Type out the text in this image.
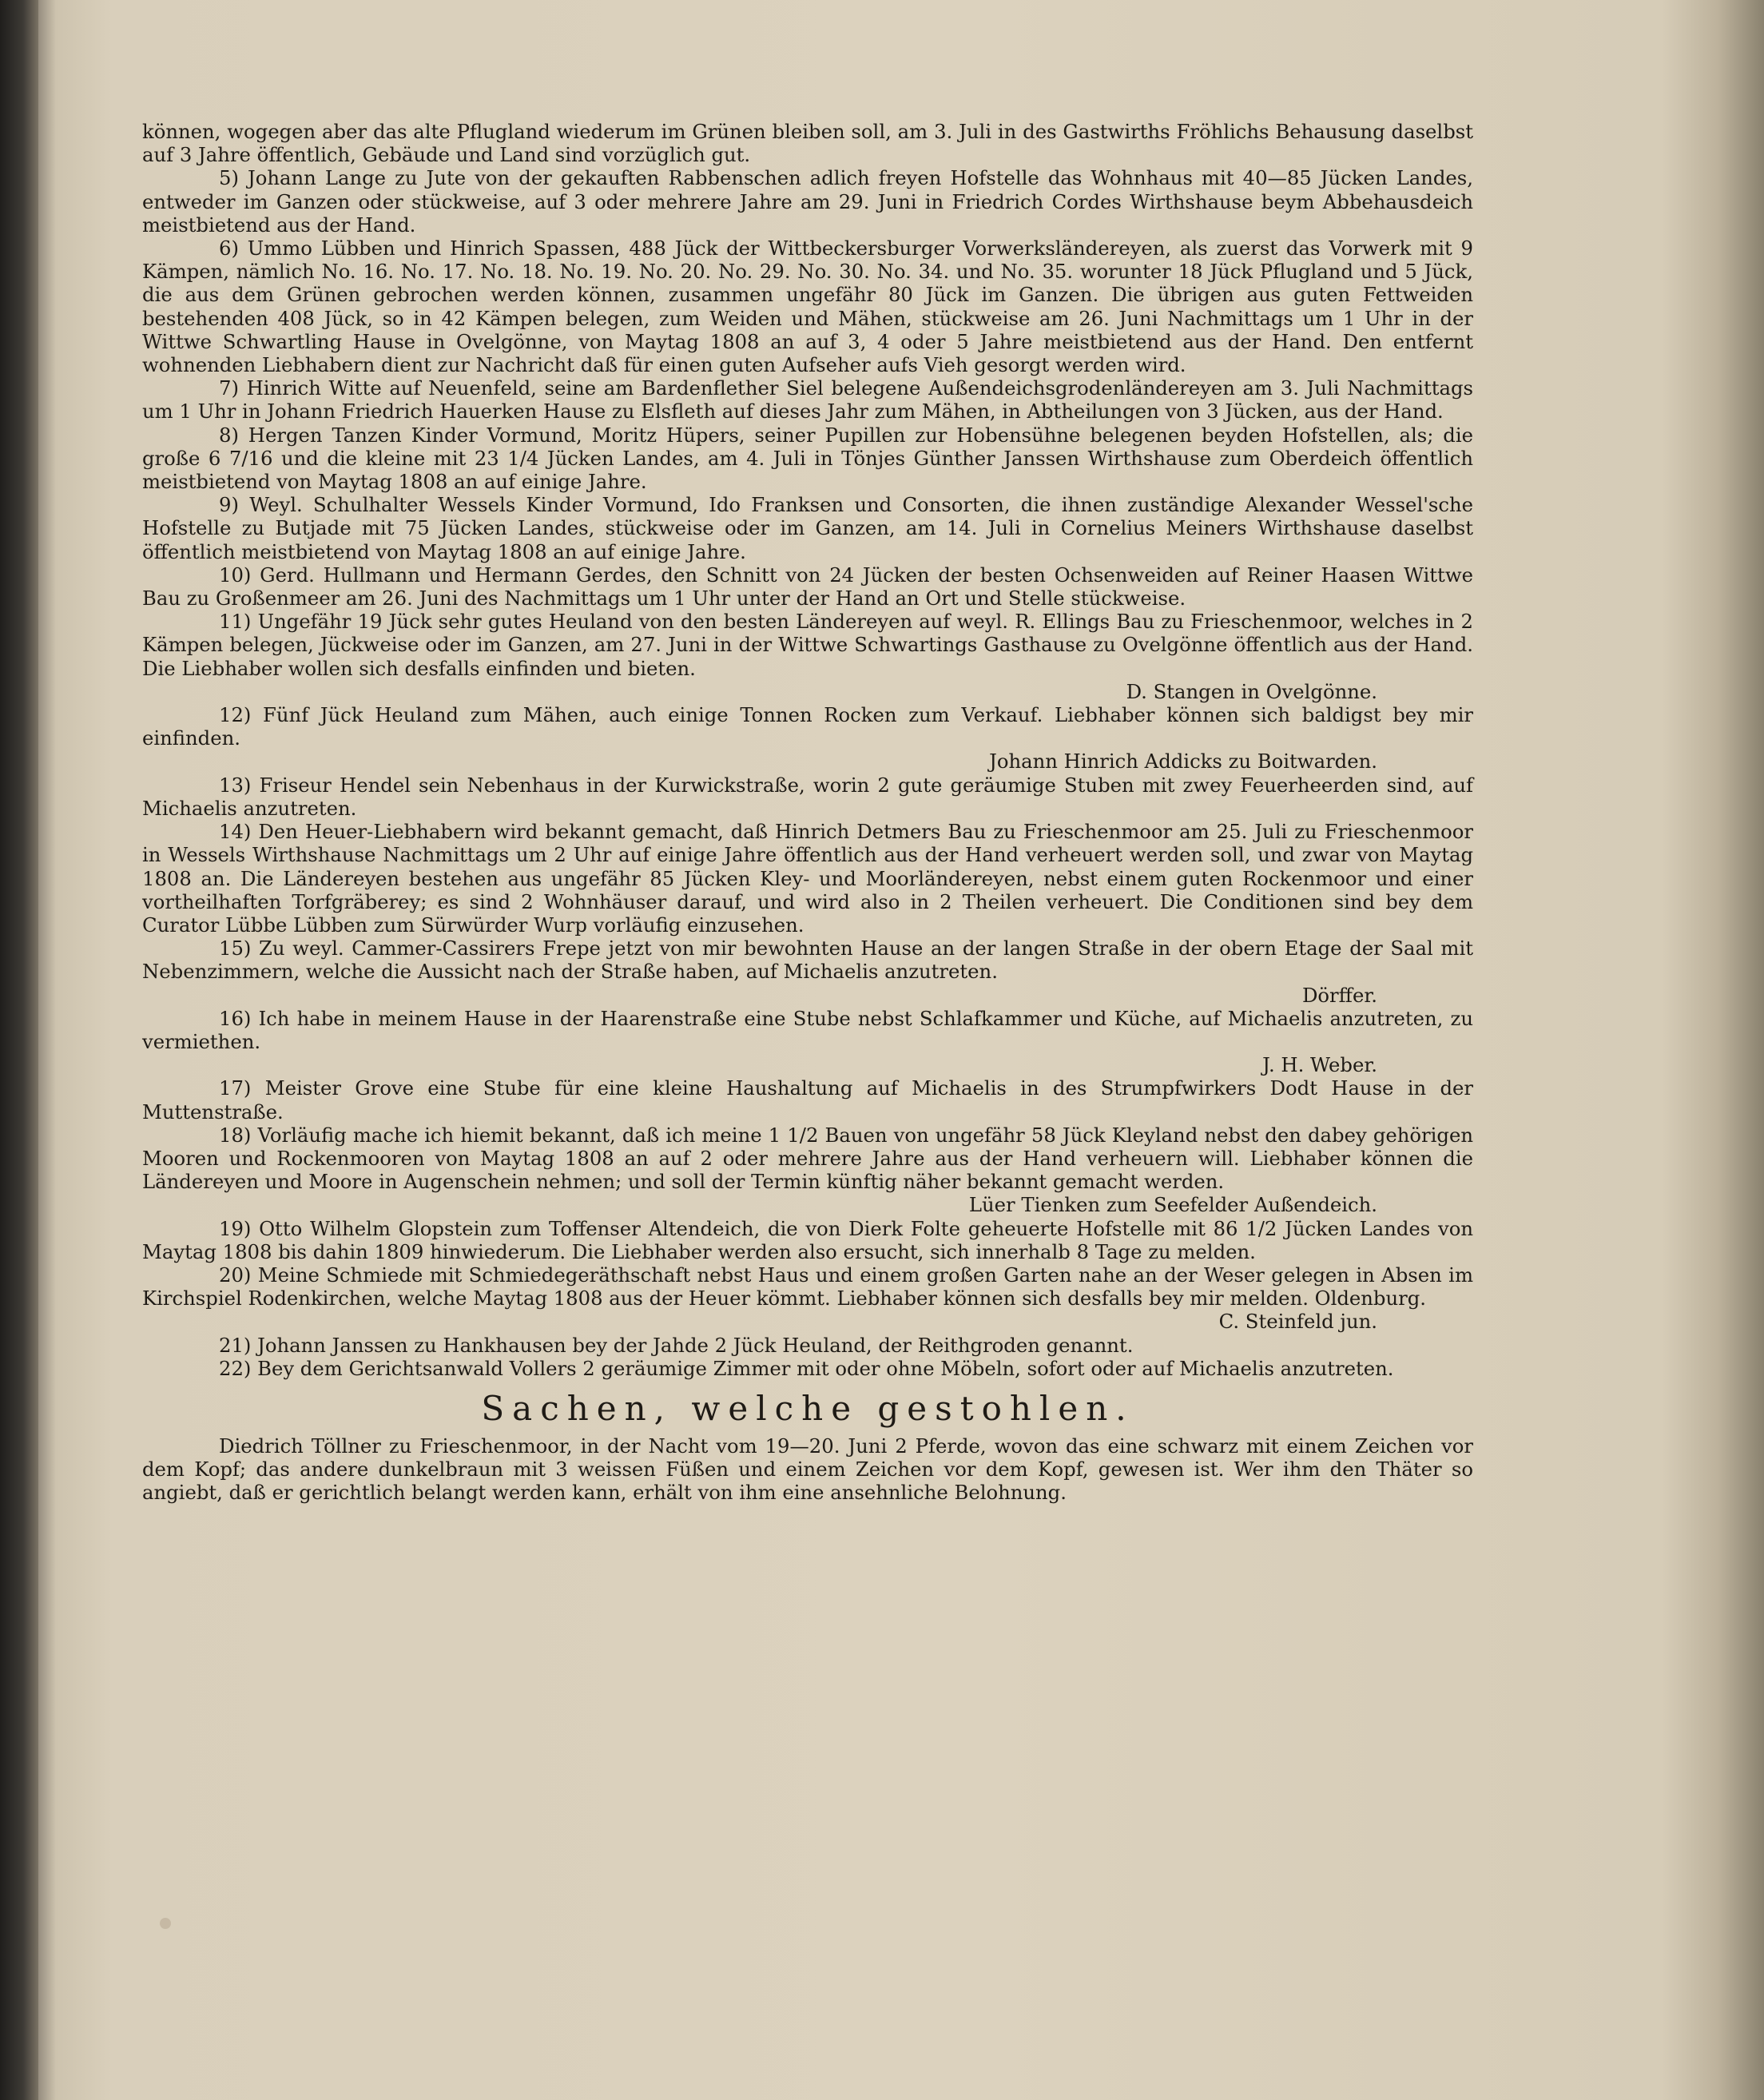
können, wogegen aber das alte Pflugland wiederum im Grünen bleiben soll, am 3. Juli in des Gastwirths Fröhlichs Behausung daselbst auf 3 Jahre öffentlich, Gebäude und Land sind vorzüglich gut.

5) Johann Lange zu Jute von der gekauften Rabbenschen adlich freyen Hofstelle das Wohnhaus mit 40—85 Jücken Landes, entweder im Ganzen oder stückweise, auf 3 oder mehrere Jahre am 29. Juni in Friedrich Cordes Wirthshause beym Abbehausdeich meistbietend aus der Hand.

6) Ummo Lübben und Hinrich Spassen, 488 Jück der Wittbeckersburger Vorwerksländereyen, als zuerst das Vorwerk mit 9 Kämpen, nämlich No. 16. No. 17. No. 18. No. 19. No. 20. No. 29. No. 30. No. 34. und No. 35. worunter 18 Jück Pflugland und 5 Jück, die aus dem Grünen gebrochen werden können, zusammen ungefähr 80 Jück im Ganzen. Die übrigen aus guten Fettweiden bestehenden 408 Jück, so in 42 Kämpen belegen, zum Weiden und Mähen, stückweise am 26. Juni Nachmittags um 1 Uhr in der Wittwe Schwartling Hause in Ovelgönne, von Maytag 1808 an auf 3, 4 oder 5 Jahre meistbietend aus der Hand. Den entfernt wohnenden Liebhabern dient zur Nachricht daß für einen guten Aufseher aufs Vieh gesorgt werden wird.

7) Hinrich Witte auf Neuenfeld, seine am Bardenflether Siel belegene Außendeichsgrodenländereyen am 3. Juli Nachmittags um 1 Uhr in Johann Friedrich Hauerken Hause zu Elsfleth auf dieses Jahr zum Mähen, in Abtheilungen von 3 Jücken, aus der Hand.

8) Hergen Tanzen Kinder Vormund, Moritz Hüpers, seiner Pupillen zur Hobensühne belegenen beyden Hofstellen, als; die große 6 7/16 und die kleine mit 23 1/4 Jücken Landes, am 4. Juli in Tönjes Günther Janssen Wirthshause zum Oberdeich öffentlich meistbietend von Maytag 1808 an auf einige Jahre.

9) Weyl. Schulhalter Wessels Kinder Vormund, Ido Franksen und Consorten, die ihnen zuständige Alexander Wessel'sche Hofstelle zu Butjade mit 75 Jücken Landes, stückweise oder im Ganzen, am 14. Juli in Cornelius Meiners Wirthshause daselbst öffentlich meistbietend von Maytag 1808 an auf einige Jahre.

10) Gerd. Hullmann und Hermann Gerdes, den Schnitt von 24 Jücken der besten Ochsenweiden auf Reiner Haasen Wittwe Bau zu Großenmeer am 26. Juni des Nachmittags um 1 Uhr unter der Hand an Ort und Stelle stückweise.

11) Ungefähr 19 Jück sehr gutes Heuland von den besten Ländereyen auf weyl. R. Ellings Bau zu Frieschenmoor, welches in 2 Kämpen belegen, Jückweise oder im Ganzen, am 27. Juni in der Wittwe Schwartings Gasthause zu Ovelgönne öffentlich aus der Hand. Die Liebhaber wollen sich desfalls einfinden und bieten.
D. Stangen in Ovelgönne.

12) Fünf Jück Heuland zum Mähen, auch einige Tonnen Rocken zum Verkauf. Liebhaber können sich baldigst bey mir einfinden.
Johann Hinrich Addicks zu Boitwarden.

13) Friseur Hendel sein Nebenhaus in der Kurwickstraße, worin 2 gute geräumige Stuben mit zwey Feuerheerden sind, auf Michaelis anzutreten.

14) Den Heuer-Liebhabern wird bekannt gemacht, daß Hinrich Detmers Bau zu Frieschenmoor am 25. Juli zu Frieschenmoor in Wessels Wirthshause Nachmittags um 2 Uhr auf einige Jahre öffentlich aus der Hand verheuert werden soll, und zwar von Maytag 1808 an. Die Ländereyen bestehen aus ungefähr 85 Jücken Kley- und Moorländereyen, nebst einem guten Rockenmoor und einer vortheilhaften Torfgräberey; es sind 2 Wohnhäuser darauf, und wird also in 2 Theilen verheuert. Die Conditionen sind bey dem Curator Lübbe Lübben zum Sürwürder Wurp vorläufig einzusehen.

15) Zu weyl. Cammer-Cassirers Frepe jetzt von mir bewohnten Hause an der langen Straße in der obern Etage der Saal mit Nebenzimmern, welche die Aussicht nach der Straße haben, auf Michaelis anzutreten.
Dörffer.

16) Ich habe in meinem Hause in der Haarenstraße eine Stube nebst Schlafkammer und Küche, auf Michaelis anzutreten, zu vermiethen.
J. H. Weber.

17) Meister Grove eine Stube für eine kleine Haushaltung auf Michaelis in des Strumpfwirkers Dodt Hause in der Muttenstraße.

18) Vorläufig mache ich hiemit bekannt, daß ich meine 1 1/2 Bauen von ungefähr 58 Jück Kleyland nebst den dabey gehörigen Mooren und Rockenmooren von Maytag 1808 an auf 2 oder mehrere Jahre aus der Hand verheuern will. Liebhaber können die Ländereyen und Moore in Augenschein nehmen; und soll der Termin künftig näher bekannt gemacht werden.
Lüer Tienken zum Seefelder Außendeich.

19) Otto Wilhelm Glopstein zum Toffenser Altendeich, die von Dierk Folte geheuerte Hofstelle mit 86 1/2 Jücken Landes von Maytag 1808 bis dahin 1809 hinwiederum. Die Liebhaber werden also ersucht, sich innerhalb 8 Tage zu melden.

20) Meine Schmiede mit Schmiedegeräthschaft nebst Haus und einem großen Garten nahe an der Weser gelegen in Absen im Kirchspiel Rodenkirchen, welche Maytag 1808 aus der Heuer kömmt. Liebhaber können sich desfalls bey mir melden. Oldenburg.
C. Steinfeld jun.

21) Johann Janssen zu Hankhausen bey der Jahde 2 Jück Heuland, der Reithgroden genannt.

22) Bey dem Gerichtsanwald Vollers 2 geräumige Zimmer mit oder ohne Möbeln, sofort oder auf Michaelis anzutreten.

Sachen, welche gestohlen.

Diedrich Töllner zu Frieschenmoor, in der Nacht vom 19—20. Juni 2 Pferde, wovon das eine schwarz mit einem Zeichen vor dem Kopf; das andere dunkelbraun mit 3 weissen Füßen und einem Zeichen vor dem Kopf, gewesen ist. Wer ihm den Thäter so angiebt, daß er gerichtlich belangt werden kann, erhält von ihm eine ansehnliche Belohnung.
